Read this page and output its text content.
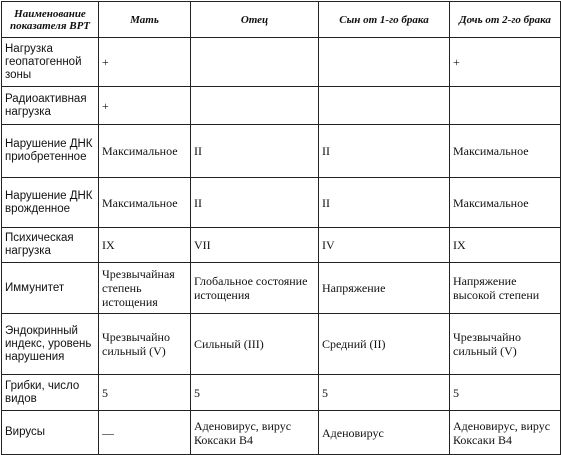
Наименование показателя ВРТ	Мать	Отец	Сын от 1-го брака	Дочь от 2-го брака
Нагрузка геопатогенной зоны	+			+
Радиоактивная нагрузка	+			
Нарушение ДНК приобретенное	Максимальное	II	II	Максимальное
Нарушение ДНК врожденное	Максимальное	II	II	Максимальное
Психическая нагрузка	IX	VII	IV	IX
Иммунитет	Чрезвычайная степень истощения	Глобальное состояние истощения	Напряжение	Напряжение высокой степени
Эндокринный индекс, уровень нарушения	Чрезвычайно сильный (V)	Сильный (III)	Средний (II)	Чрезвычайно сильный (V)
Грибки, число видов	5	5	5	5
Вирусы	—	Аденовирус, вирус Коксаки В4	Аденовирус	Аденовирус, вирус Коксаки В4
